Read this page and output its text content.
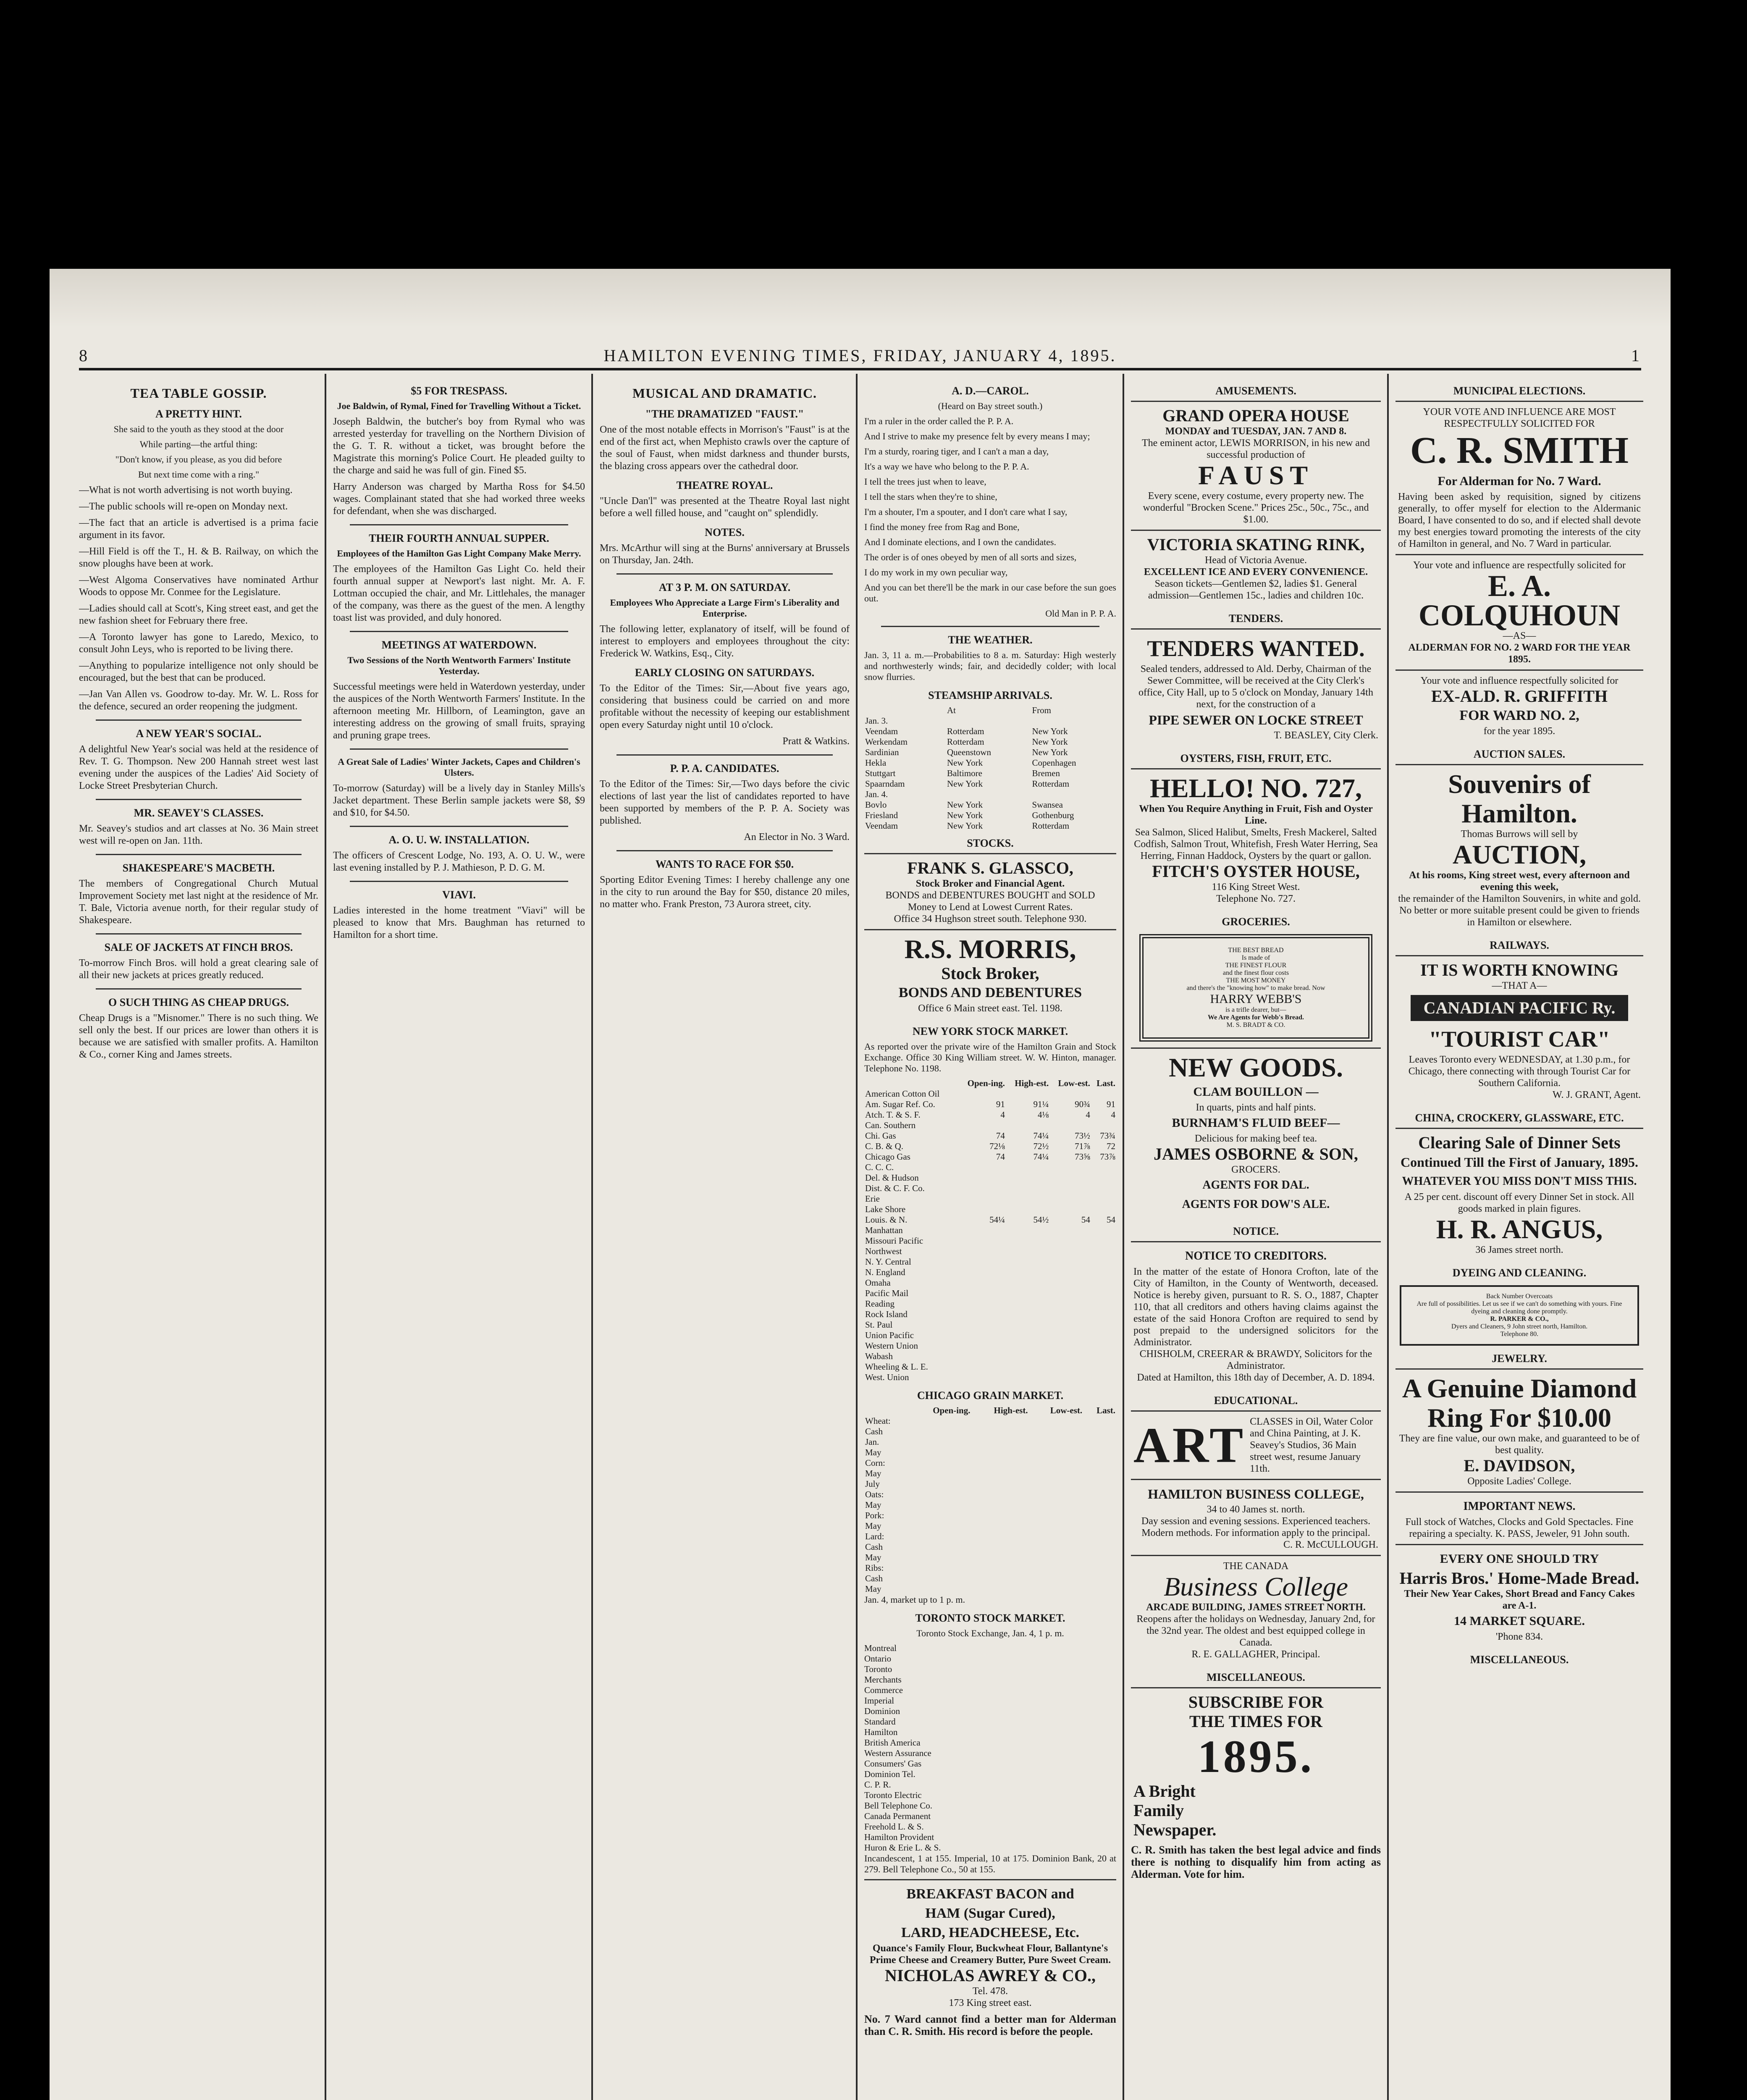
8	HAMILTON EVENING TIMES, FRIDAY, JANUARY 4, 1895.	1
TEA TABLE GOSSIP.
A PRETTY HINT.

She said to the youth as they stood at the door

While parting—the artful thing:

"Don't know, if you please, as you did before

But next time come with a ring."

—What is not worth advertising is not worth buying.

—The public schools will re-open on Monday next.

—The fact that an article is advertised is a prima facie argument in its favor.

—Hill Field is off the T., H. & B. Railway, on which the snow ploughs have been at work.

—West Algoma Conservatives have nominated Arthur Woods to oppose Mr. Conmee for the Legislature.

—Ladies should call at Scott's, King street east, and get the new fashion sheet for February there free.

—A Toronto lawyer has gone to Laredo, Mexico, to consult John Leys, who is reported to be living there.

—Anything to popularize intelligence not only should be encouraged, but the best that can be produced.

—Jan Van Allen vs. Goodrow to-day. Mr. W. L. Ross for the defence, secured an order reopening the judgment.

A NEW YEAR'S SOCIAL.

A delightful New Year's social was held at the residence of Rev. T. G. Thompson. New 200 Hannah street west last evening under the auspices of the Ladies' Aid Society of Locke Street Presbyterian Church.

MR. SEAVEY'S CLASSES.

Mr. Seavey's studios and art classes at No. 36 Main street west will re-open on Jan. 11th.

SHAKESPEARE'S MACBETH.

The members of Congregational Church Mutual Improvement Society met last night at the residence of Mr. T. Bale, Victoria avenue north, for their regular study of Shakespeare.

SALE OF JACKETS AT FINCH BROS.

To-morrow Finch Bros. will hold a great clearing sale of all their new jackets at prices greatly reduced.

O SUCH THING AS CHEAP DRUGS.

Cheap Drugs is a "Misnomer." There is no such thing. We sell only the best. If our prices are lower than others it is because we are satisfied with smaller profits. A. Hamilton & Co., corner King and James streets.

$5 FOR TRESPASS.

Joe Baldwin, of Rymal, Fined for Travelling Without a Ticket.

Joseph Baldwin, the butcher's boy from Rymal who was arrested yesterday for travelling on the Northern Division of the G. T. R. without a ticket, was brought before the Magistrate this morning's Police Court. He pleaded guilty to the charge and said he was full of gin. Fined $5.

Harry Anderson was charged by Martha Ross for $4.50 wages. Complainant stated that she had worked three weeks for defendant, when she was discharged.

THEIR FOURTH ANNUAL SUPPER.

Employees of the Hamilton Gas Light Company Make Merry.

The employees of the Hamilton Gas Light Co. held their fourth annual supper at Newport's last night. Mr. A. F. Lottman occupied the chair, and Mr. Littlehales, the manager of the company, was there as the guest of the men. A lengthy toast list was provided, and duly honored.

MEETINGS AT WATERDOWN.

Two Sessions of the North Wentworth Farmers' Institute Yesterday.

Successful meetings were held in Waterdown yesterday, under the auspices of the North Wentworth Farmers' Institute. In the afternoon meeting Mr. Hillborn, of Leamington, gave an interesting address on the growing of small fruits, spraying and pruning grape trees.

A Great Sale of Ladies' Winter Jackets, Capes and Children's Ulsters.

To-morrow (Saturday) will be a lively day in Stanley Mills's Jacket department. These Berlin sample jackets were $8, $9 and $10, for $4.50.

A. O. U. W. INSTALLATION.

The officers of Crescent Lodge, No. 193, A. O. U. W., were last evening installed by P. J. Mathieson, P. D. G. M.

VIAVI.

Ladies interested in the home treatment "Viavi" will be pleased to know that Mrs. Baughman has returned to Hamilton for a short time.

MUSICAL AND DRAMATIC.
"THE DRAMATIZED "FAUST."

One of the most notable effects in Morrison's "Faust" is at the end of the first act, when Mephisto crawls over the capture of the soul of Faust, when midst darkness and thunder bursts, the blazing cross appears over the cathedral door.

THEATRE ROYAL.

"Uncle Dan'l" was presented at the Theatre Royal last night before a well filled house, and "caught on" splendidly.

NOTES.

Mrs. McArthur will sing at the Burns' anniversary at Brussels on Thursday, Jan. 24th.

AT 3 P. M. ON SATURDAY.

Employees Who Appreciate a Large Firm's Liberality and Enterprise.

The following letter, explanatory of itself, will be found of interest to employers and employees throughout the city: Frederick W. Watkins, Esq., City.

EARLY CLOSING ON SATURDAYS.

To the Editor of the Times: Sir,—About five years ago, considering that business could be carried on and more profitable without the necessity of keeping our establishment open every Saturday night until 10 o'clock.

Pratt & Watkins.

P. P. A. CANDIDATES.

To the Editor of the Times: Sir,—Two days before the civic elections of last year the list of candidates reported to have been supported by members of the P. P. A. Society was published.

An Elector in No. 3 Ward.

WANTS TO RACE FOR $50.

Sporting Editor Evening Times: I hereby challenge any one in the city to run around the Bay for $50, distance 20 miles, no matter who. Frank Preston, 73 Aurora street, city.

A. D.—CAROL.

(Heard on Bay street south.)

I'm a ruler in the order called the P. P. A.

And I strive to make my presence felt by every means I may;

I'm a sturdy, roaring tiger, and I can't a man a day,

It's a way we have who belong to the P. P. A.

I tell the trees just when to leave,

I tell the stars when they're to shine,

I'm a shouter, I'm a spouter, and I don't care what I say,

I find the money free from Rag and Bone,

And I dominate elections, and I own the candidates.

The order is of ones obeyed by men of all sorts and sizes,

I do my work in my own peculiar way,

And you can bet there'll be the mark in our case before the sun goes out.

Old Man in P. P. A.

THE WEATHER.

Jan. 3, 11 a. m.—Probabilities to 8 a. m. Saturday: High westerly and northwesterly winds; fair, and decidedly colder; with local snow flurries.

STEAMSHIP ARRIVALS.
	At	From
Jan. 3.		
Veendam	Rotterdam	New York
Werkendam	Rotterdam	New York
Sardinian	Queenstown	New York
Hekla	New York	Copenhagen
Stuttgart	Baltimore	Bremen
Spaarndam	New York	Rotterdam
Jan. 4.		
Bovlo	New York	Swansea
Friesland	New York	Gothenburg
Veendam	New York	Rotterdam
STOCKS.
FRANK S. GLASSCO,
Stock Broker and Financial Agent.
BONDS and DEBENTURES BOUGHT and SOLD
Money to Lend at Lowest Current Rates.
Office 34 Hughson street south. Telephone 930.
R.S. MORRIS,
Stock Broker,
BONDS AND DEBENTURES
Office 6 Main street east. Tel. 1198.
NEW YORK STOCK MARKET.

As reported over the private wire of the Hamilton Grain and Stock Exchange. Office 30 King William street. W. W. Hinton, manager. Telephone No. 1198.

	Open-ing.	High-est.	Low-est.	Last.
American Cotton Oil				
Am. Sugar Ref. Co.	91	91¼	90¾	91
Atch. T. & S. F.	4	4⅛	4	4
Can. Southern				
Chi. Gas	74	74¼	73½	73¾
C. B. & Q.	72⅛	72½	71⅞	72
Chicago Gas	74	74¼	73⅝	73⅞
C. C. C.				
Del. & Hudson				
Dist. & C. F. Co.				
Erie				
Lake Shore				
Louis. & N.	54¼	54½	54	54
Manhattan				
Missouri Pacific				
Northwest				
N. Y. Central				
N. England				
Omaha				
Pacific Mail				
Reading				
Rock Island				
St. Paul				
Union Pacific				
Western Union				
Wabash				
Wheeling & L. E.				
West. Union				
CHICAGO GRAIN MARKET.
	Open-ing.	High-est.	Low-est.	Last.
Wheat:				
Cash				
Jan.				
May				
Corn:				
May				
July				
Oats:				
May				
Pork:				
May				
Lard:				
Cash				
May				
Ribs:				
Cash				
May				

Jan. 4, market up to 1 p. m.

TORONTO STOCK MARKET.

Toronto Stock Exchange, Jan. 4, 1 p. m.

Montreal
Ontario
Toronto
Merchants
Commerce
Imperial
Dominion
Standard
Hamilton
British America
Western Assurance
Consumers' Gas
Dominion Tel.
C. P. R.
Toronto Electric
Bell Telephone Co.
Canada Permanent
Freehold L. & S.
Hamilton Provident
Huron & Erie L. & S.

Incandescent, 1 at 155. Imperial, 10 at 175. Dominion Bank, 20 at 279. Bell Telephone Co., 50 at 155.

BREAKFAST BACON and
HAM (Sugar Cured),
LARD, HEADCHEESE, Etc.
Quance's Family Flour, Buckwheat Flour, Ballantyne's Prime Cheese and Creamery Butter, Pure Sweet Cream.
NICHOLAS AWREY & CO.,
Tel. 478.
173 King street east.

No. 7 Ward cannot find a better man for Alderman than C. R. Smith. His record is before the people.

AMUSEMENTS.
GRAND OPERA HOUSE
MONDAY and TUESDAY, JAN. 7 AND 8.
The eminent actor, LEWIS MORRISON, in his new and successful production of
FAUST
Every scene, every costume, every property new. The wonderful "Brocken Scene." Prices 25c., 50c., 75c., and $1.00.
VICTORIA SKATING RINK,
Head of Victoria Avenue.
EXCELLENT ICE AND EVERY CONVENIENCE.
Season tickets—Gentlemen $2, ladies $1. General admission—Gentlemen 15c., ladies and children 10c.
TENDERS.
TENDERS WANTED.
Sealed tenders, addressed to Ald. Derby, Chairman of the Sewer Committee, will be received at the City Clerk's office, City Hall, up to 5 o'clock on Monday, January 14th next, for the construction of a
PIPE SEWER ON LOCKE STREET
T. BEASLEY, City Clerk.
OYSTERS, FISH, FRUIT, ETC.
HELLO! NO. 727,
When You Require Anything in Fruit, Fish and Oyster Line.
Sea Salmon, Sliced Halibut, Smelts, Fresh Mackerel, Salted Codfish, Salmon Trout, Whitefish, Fresh Water Herring, Sea Herring, Finnan Haddock, Oysters by the quart or gallon.
FITCH'S OYSTER HOUSE,
116 King Street West.
Telephone No. 727.
GROCERIES.
THE BEST BREAD
Is made of
THE FINEST FLOUR
and the finest flour costs
THE MOST MONEY
and there's the "knowing how" to make bread. Now
HARRY WEBB'S
is a trifle dearer, but—
We Are Agents for Webb's Bread.
M. S. BRADT & CO.
NEW GOODS.
CLAM BOUILLON —
In quarts, pints and half pints.
BURNHAM'S FLUID BEEF—
Delicious for making beef tea.
JAMES OSBORNE & SON,
GROCERS.
AGENTS FOR DAL.
AGENTS FOR DOW'S ALE.
NOTICE.
NOTICE TO CREDITORS.
In the matter of the estate of Honora Crofton, late of the City of Hamilton, in the County of Wentworth, deceased. Notice is hereby given, pursuant to R. S. O., 1887, Chapter 110, that all creditors and others having claims against the estate of the said Honora Crofton are required to send by post prepaid to the undersigned solicitors for the Administrator.
CHISHOLM, CREERAR & BRAWDY, Solicitors for the Administrator.
Dated at Hamilton, this 18th day of December, A. D. 1894.
EDUCATIONAL.
ART CLASSES in Oil, Water Color and China Painting, at J. K. Seavey's Studios, 36 Main street west, resume January 11th.
HAMILTON BUSINESS COLLEGE,
34 to 40 James st. north.
Day session and evening sessions. Experienced teachers. Modern methods. For information apply to the principal.
C. R. McCULLOUGH.
THE CANADA
Business College
ARCADE BUILDING, JAMES STREET NORTH.
Reopens after the holidays on Wednesday, January 2nd, for the 32nd year. The oldest and best equipped college in Canada.
R. E. GALLAGHER, Principal.
MISCELLANEOUS.
SUBSCRIBE FOR
THE TIMES FOR
1895.
A Bright
Family
Newspaper.

C. R. Smith has taken the best legal advice and finds there is nothing to disqualify him from acting as Alderman. Vote for him.

MUNICIPAL ELECTIONS.
YOUR VOTE AND INFLUENCE ARE MOST RESPECTFULLY SOLICITED FOR
C. R. SMITH
For Alderman for No. 7 Ward.
Having been asked by requisition, signed by citizens generally, to offer myself for election to the Aldermanic Board, I have consented to do so, and if elected shall devote my best energies toward promoting the interests of the city of Hamilton in general, and No. 7 Ward in particular.
Your vote and influence are respectfully solicited for
E. A. COLQUHOUN
—AS—
ALDERMAN FOR NO. 2 WARD FOR THE YEAR 1895.
Your vote and influence respectfully solicited for
EX-ALD. R. GRIFFITH
FOR WARD NO. 2,
for the year 1895.
AUCTION SALES.
Souvenirs of Hamilton.
Thomas Burrows will sell by
AUCTION,
At his rooms, King street west, every afternoon and evening this week,
the remainder of the Hamilton Souvenirs, in white and gold. No better or more suitable present could be given to friends in Hamilton or elsewhere.
RAILWAYS.
IT IS WORTH KNOWING
—THAT A—
CANADIAN PACIFIC Ry.
"TOURIST CAR"
Leaves Toronto every WEDNESDAY, at 1.30 p.m., for Chicago, there connecting with through Tourist Car for Southern California.
W. J. GRANT, Agent.
CHINA, CROCKERY, GLASSWARE, ETC.
Clearing Sale of Dinner Sets
Continued Till the First of January, 1895.
WHATEVER YOU MISS DON'T MISS THIS.
A 25 per cent. discount off every Dinner Set in stock. All goods marked in plain figures.
H. R. ANGUS,
36 James street north.
DYEING AND CLEANING.
Back Number Overcoats
Are full of possibilities. Let us see if we can't do something with yours. Fine dyeing and cleaning done promptly.
R. PARKER & CO.,
Dyers and Cleaners, 9 John street north, Hamilton.
Telephone 80.
JEWELRY.
A Genuine Diamond Ring For $10.00
They are fine value, our own make, and guaranteed to be of best quality.
E. DAVIDSON,
Opposite Ladies' College.
IMPORTANT NEWS.
Full stock of Watches, Clocks and Gold Spectacles. Fine repairing a specialty. K. PASS, Jeweler, 91 John south.
EVERY ONE SHOULD TRY
Harris Bros.' Home-Made Bread.
Their New Year Cakes, Short Bread and Fancy Cakes are A-1.
14 MARKET SQUARE.
'Phone 834.
MISCELLANEOUS.
